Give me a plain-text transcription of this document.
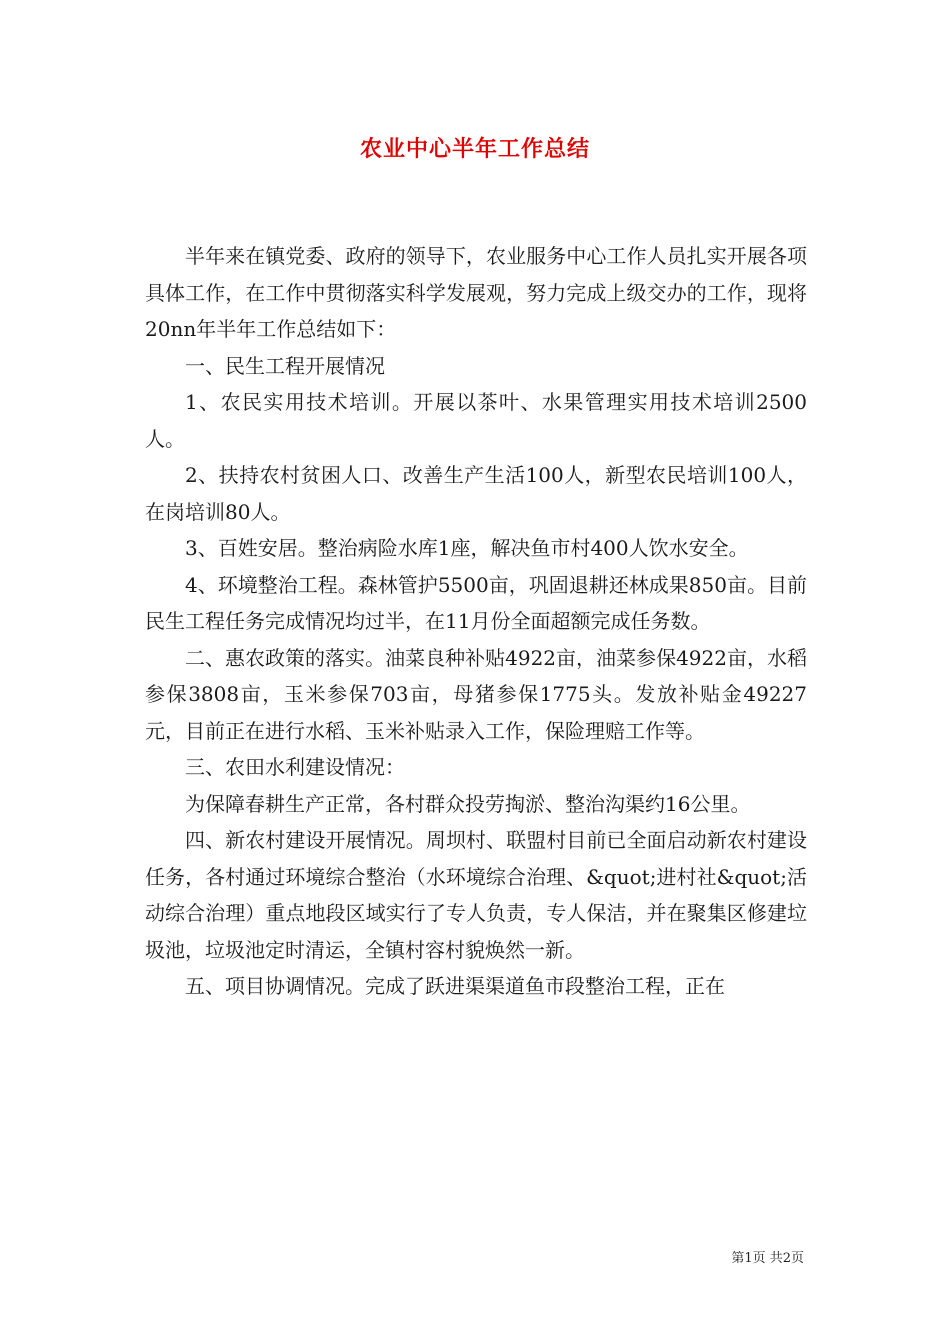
农业中心半年工作总结

半年来在镇党委、政府的领导下，农业服务中心工作人员扎实开展各项具体工作，在工作中贯彻落实科学发展观，努力完成上级交办的工作，现将20nn年半年工作总结如下：

一、民生工程开展情况

1、农民实用技术培训。开展以茶叶、水果管理实用技术培训2500人。

2、扶持农村贫困人口、改善生产生活100人，新型农民培训100人，在岗培训80人。

3、百姓安居。整治病险水库1座，解决鱼市村400人饮水安全。

4、环境整治工程。森林管护5500亩，巩固退耕还林成果850亩。目前民生工程任务完成情况均过半，在11月份全面超额完成任务数。

二、惠农政策的落实。油菜良种补贴4922亩，油菜参保4922亩，水稻参保3808亩，玉米参保703亩，母猪参保1775头。发放补贴金49227元，目前正在进行水稻、玉米补贴录入工作，保险理赔工作等。

三、农田水利建设情况：

为保障春耕生产正常，各村群众投劳掏淤、整治沟渠约16公里。

四、新农村建设开展情况。周坝村、联盟村目前已全面启动新农村建设任务，各村通过环境综合整治（水环境综合治理、&quot;进村社&quot;活动综合治理）重点地段区域实行了专人负责，专人保洁，并在聚集区修建垃圾池，垃圾池定时清运，全镇村容村貌焕然一新。

五、项目协调情况。完成了跃进渠渠道鱼市段整治工程，正在

第1页 共2页
